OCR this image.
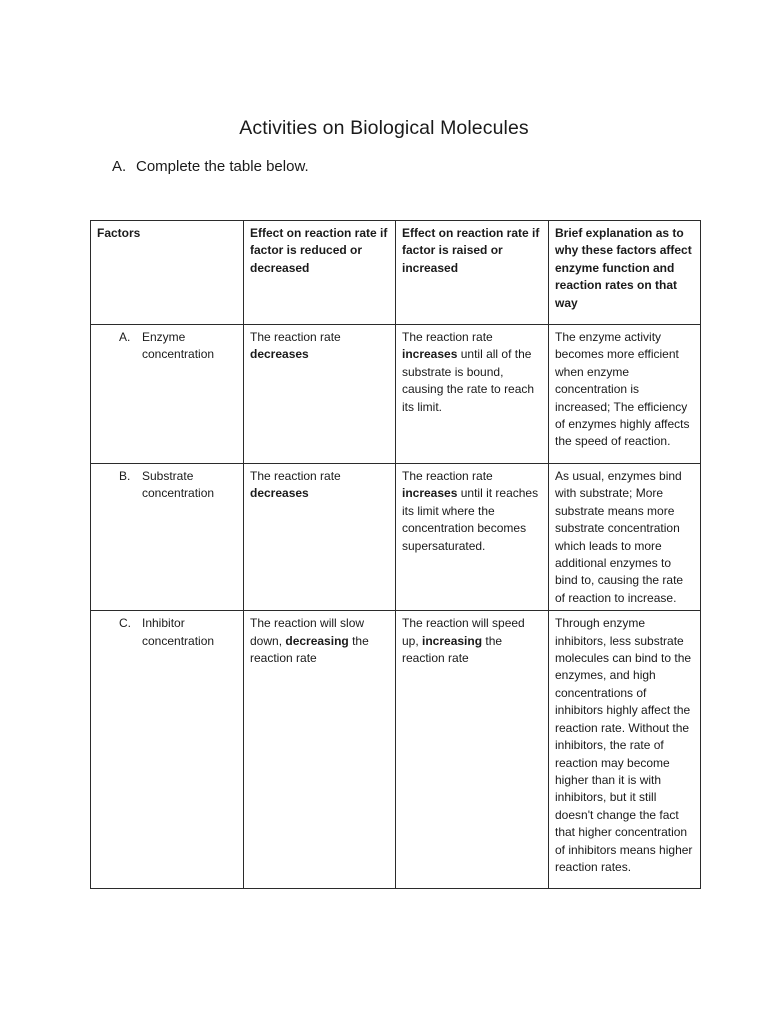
Activities on Biological Molecules
A. Complete the table below.
Factors	Effect on reaction rate if factor is reduced or decreased	Effect on reaction rate if factor is raised or increased	Brief explanation as to why these factors affect enzyme function and reaction rates on that way

A. Enzyme concentration	The reaction rate decreases	The reaction rate increases until all of the substrate is bound, causing the rate to reach its limit.	The enzyme activity becomes more efficient when enzyme concentration is increased; The efficiency of enzymes highly affects the speed of reaction.

B. Substrate concentration	The reaction rate decreases	The reaction rate increases until it reaches its limit where the concentration becomes supersaturated.	As usual, enzymes bind with substrate; More substrate means more substrate concentration which leads to more additional enzymes to bind to, causing the rate of reaction to increase.

C. Inhibitor concentration	The reaction will slow down, decreasing the reaction rate	The reaction will speed up, increasing the reaction rate	Through enzyme inhibitors, less substrate molecules can bind to the enzymes, and high concentrations of inhibitors highly affect the reaction rate. Without the inhibitors, the rate of reaction may become higher than it is with inhibitors, but it still doesn't change the fact that higher concentration of inhibitors means higher reaction rates.
